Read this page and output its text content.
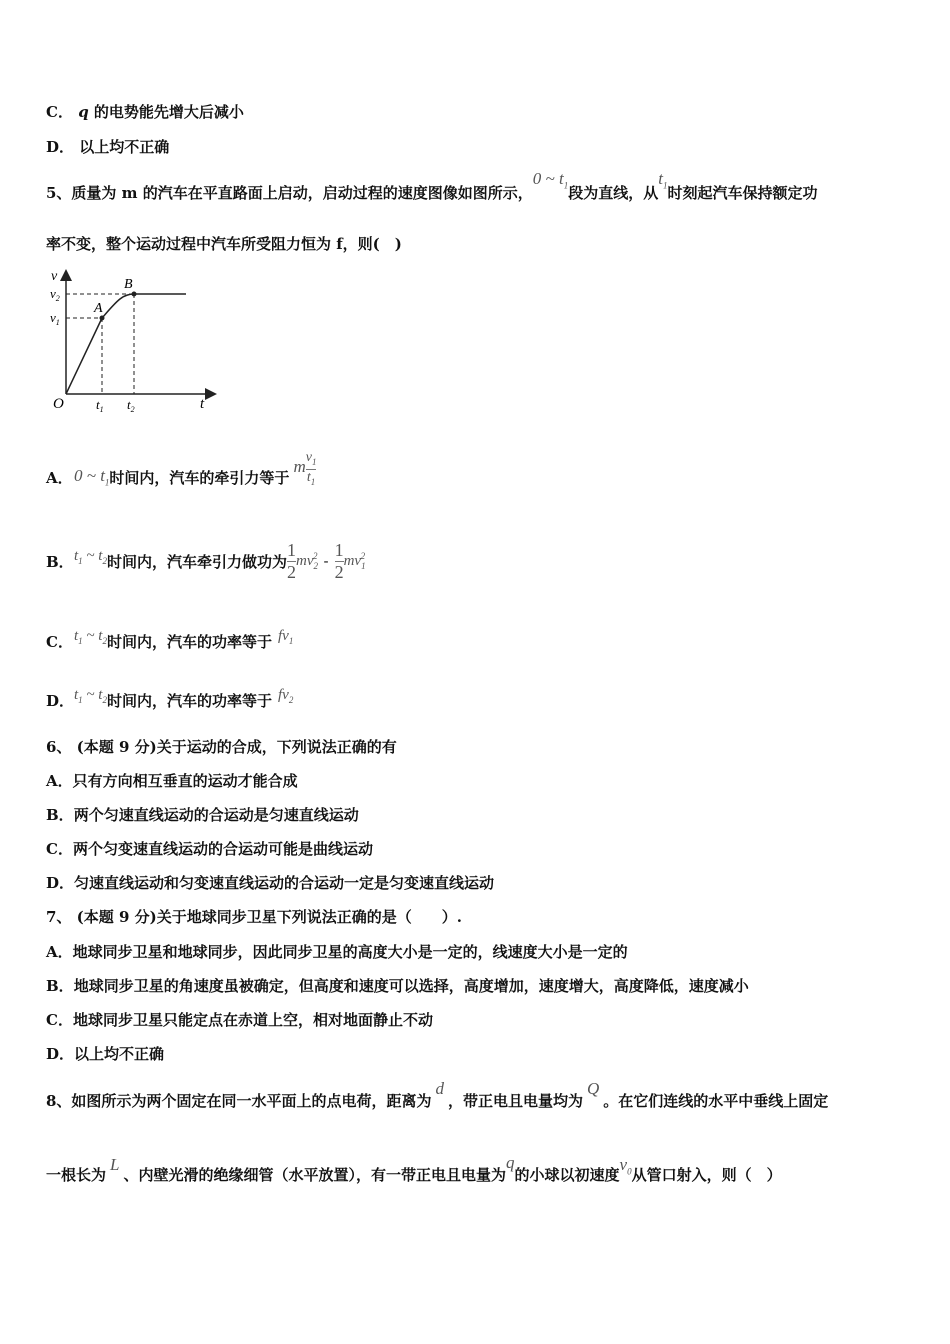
C． q 的电势能先增大后减小
D． 以上均不正确
5、质量为 m 的汽车在平直路面上启动，启动过程的速度图像如图所示，0 ~ $t_1$段为直线，从$t_1$时刻起汽车保持额定功
率不变，整个运动过程中汽车所受阻力恒为 f，则(　)
v
$v_2$
$v_1$
A
B
O $t_1$ $t_2$	t
A． 0 ~ $t_1$ 时间内，汽车的牵引力等于
m $\frac{v_1}{t_1}$
B． $t_1$ ~ $t_2$ 时间内，汽车牵引力做功为 $\frac{1}{2} mv_2^2 - \frac{1}{2} mv_1^2$
C． $t_1$ ~ $t_2$ 时间内，汽车的功率等于 $fv_1$
D． $t_1$ ~ $t_2$ 时间内，汽车的功率等于 $fv_2$
6、 (本题 9 分)关于运动的合成，下列说法正确的有
A．只有方向相互垂直的运动才能合成
B．两个匀速直线运动的合运动是匀速直线运动
C．两个匀变速直线运动的合运动可能是曲线运动
D．匀速直线运动和匀变速直线运动的合运动一定是匀变速直线运动
7、 (本题 9 分)关于地球同步卫星下列说法正确的是（　　）.
A．地球同步卫星和地球同步，因此同步卫星的高度大小是一定的，线速度大小是一定的
B．地球同步卫星的角速度虽被确定，但高度和速度可以选择，高度增加，速度增大，高度降低，速度减小
C．地球同步卫星只能定点在赤道上空，相对地面静止不动
D．以上均不正确
8、如图所示为两个固定在同一水平面上的点电荷，距离为d，带正电且电量均为Q。在它们连线的水平中垂线上固定
一根长为L、内壁光滑的绝缘细管（水平放置），有一带正电且电量为q的小球以初速度$v_0$从管口射入，则（　）
